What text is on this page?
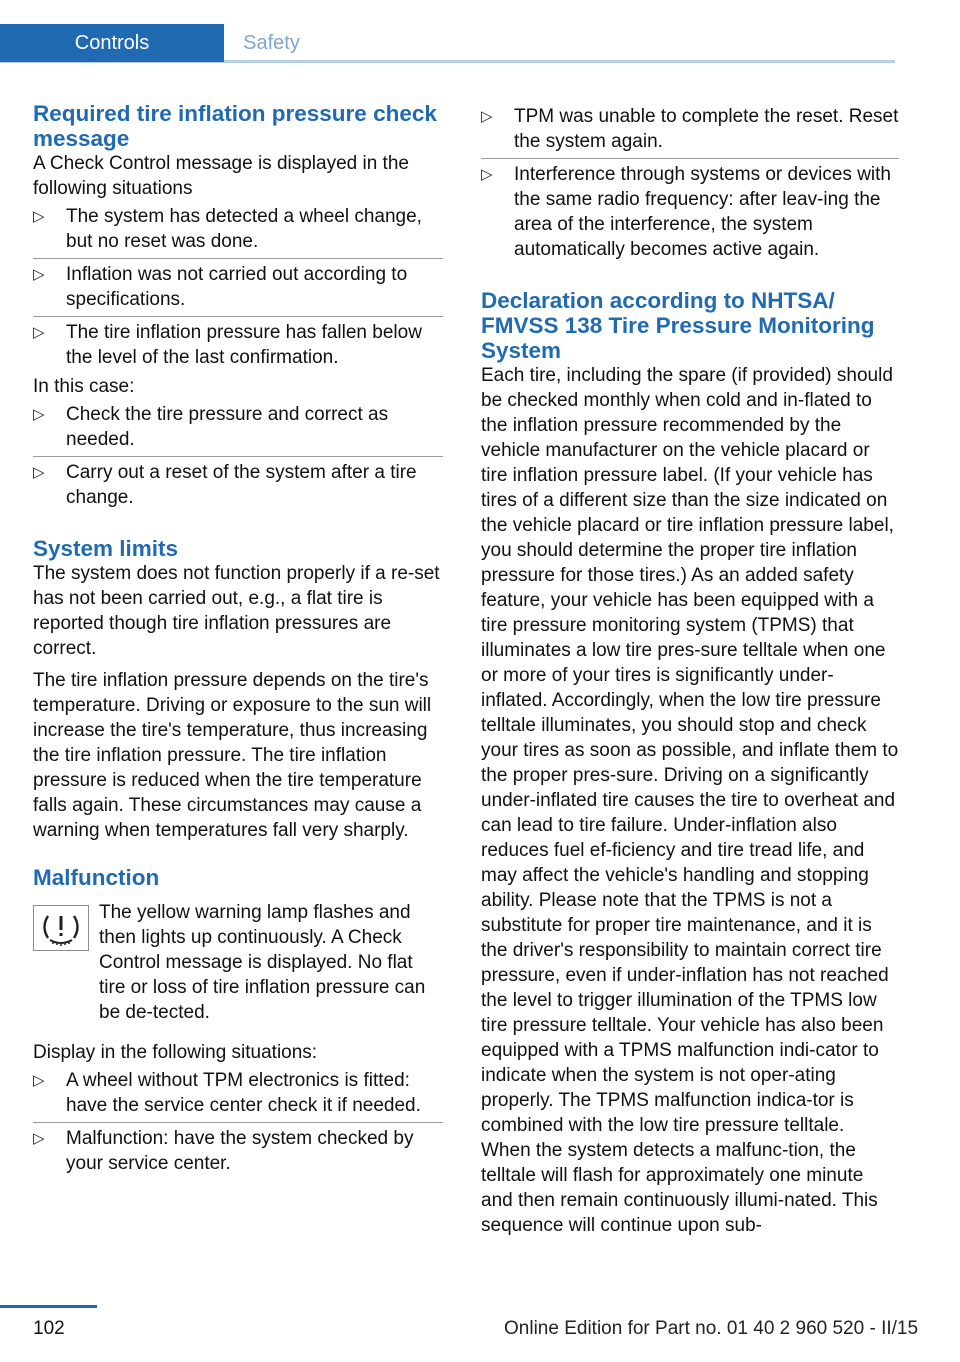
Controls	Safety
Required tire inflation pressure check message

A Check Control message is displayed in the following situations

▷ The system has detected a wheel change, but no reset was done.
▷ Inflation was not carried out according to specifications.
▷ The tire inflation pressure has fallen below the level of the last confirmation.

In this case:

▷ Check the tire pressure and correct as needed.
▷ Carry out a reset of the system after a tire change.
System limits

The system does not function properly if a re-set has not been carried out, e.g., a flat tire is reported though tire inflation pressures are correct.

The tire inflation pressure depends on the tire's temperature. Driving or exposure to the sun will increase the tire's temperature, thus increasing the tire inflation pressure. The tire inflation pressure is reduced when the tire temperature falls again. These circumstances may cause a warning when temperatures fall very sharply.

Malfunction

The yellow warning lamp flashes and then lights up continuously. A Check Control message is displayed. No flat tire or loss of tire inflation pressure can be de-tected.

Display in the following situations:

▷ A wheel without TPM electronics is fitted: have the service center check it if needed.
▷ Malfunction: have the system checked by your service center.
▷ TPM was unable to complete the reset. Reset the system again.
▷ Interference through systems or devices with the same radio frequency: after leav-ing the area of the interference, the system automatically becomes active again.
Declaration according to NHTSA/ FMVSS 138 Tire Pressure Monitoring System

Each tire, including the spare (if provided) should be checked monthly when cold and in-flated to the inflation pressure recommended by the vehicle manufacturer on the vehicle placard or tire inflation pressure label. (If your vehicle has tires of a different size than the size indicated on the vehicle placard or tire inflation pressure label, you should determine the proper tire inflation pressure for those tires.) As an added safety feature, your vehicle has been equipped with a tire pressure monitoring system (TPMS) that illuminates a low tire pres-sure telltale when one or more of your tires is significantly under-inflated. Accordingly, when the low tire pressure telltale illuminates, you should stop and check your tires as soon as possible, and inflate them to the proper pres-sure. Driving on a significantly under-inflated tire causes the tire to overheat and can lead to tire failure. Under-inflation also reduces fuel ef-ficiency and tire tread life, and may affect the vehicle's handling and stopping ability. Please note that the TPMS is not a substitute for proper tire maintenance, and it is the driver's responsibility to maintain correct tire pressure, even if under-inflation has not reached the level to trigger illumination of the TPMS low tire pressure telltale. Your vehicle has also been equipped with a TPMS malfunction indi-cator to indicate when the system is not oper-ating properly. The TPMS malfunction indica-tor is combined with the low tire pressure telltale. When the system detects a malfunc-tion, the telltale will flash for approximately one minute and then remain continuously illumi-nated. This sequence will continue upon sub-

102	Online Edition for Part no. 01 40 2 960 520 - II/15
